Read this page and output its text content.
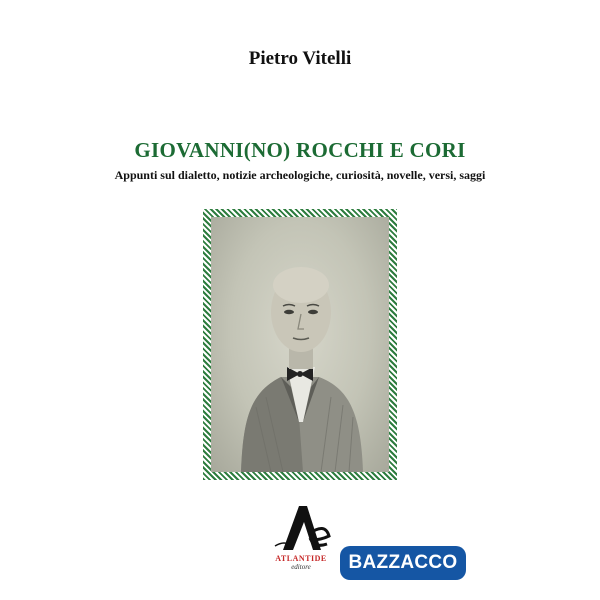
Pietro Vitelli
GIOVANNI(NO) ROCCHI E CORI
Appunti sul dialetto, notizie archeologiche, curiosità, novelle, versi, saggi
ATLANTIDE
editore	BAZZACCO
